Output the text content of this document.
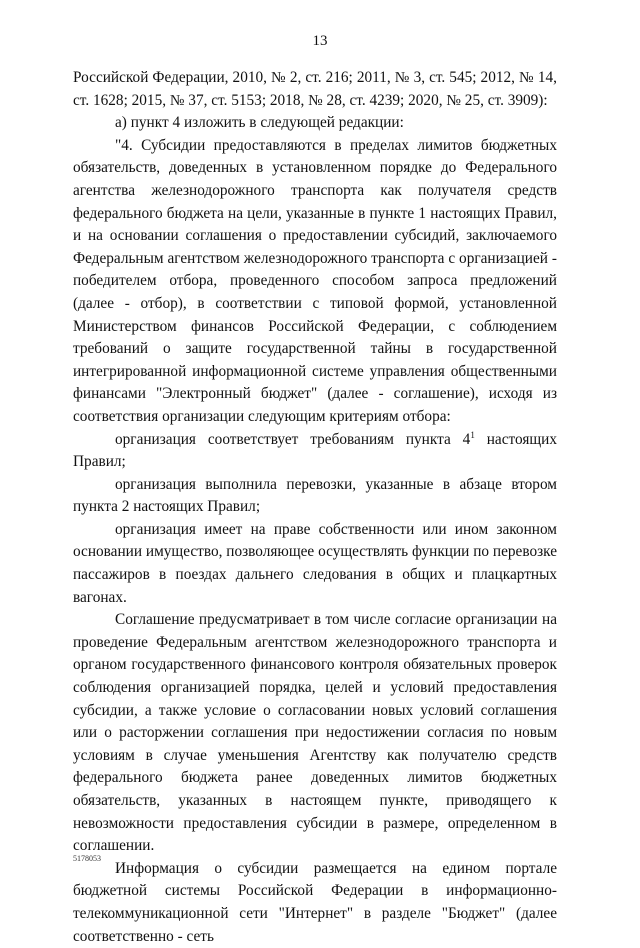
13

Российской Федерации, 2010, № 2, ст. 216; 2011, № 3, ст. 545; 2012, № 14, ст. 1628; 2015, № 37, ст. 5153; 2018, № 28, ст. 4239; 2020, № 25, ст. 3909):

а) пункт 4 изложить в следующей редакции:

"4. Субсидии предоставляются в пределах лимитов бюджетных обязательств, доведенных в установленном порядке до Федерального агентства железнодорожного транспорта как получателя средств федерального бюджета на цели, указанные в пункте 1 настоящих Правил, и на основании соглашения о предоставлении субсидий, заключаемого Федеральным агентством железнодорожного транспорта с организацией - победителем отбора, проведенного способом запроса предложений (далее - отбор), в соответствии с типовой формой, установленной Министерством финансов Российской Федерации, с соблюдением требований о защите государственной тайны в государственной интегрированной информационной системе управления общественными финансами "Электронный бюджет" (далее - соглашение), исходя из соответствия организации следующим критериям отбора:

организация соответствует требованиям пункта $4^1$ настоящих Правил;

организация выполнила перевозки, указанные в абзаце втором пункта 2 настоящих Правил;

организация имеет на праве собственности или ином законном основании имущество, позволяющее осуществлять функции по перевозке пассажиров в поездах дальнего следования в общих и плацкартных вагонах.

Соглашение предусматривает в том числе согласие организации на проведение Федеральным агентством железнодорожного транспорта и органом государственного финансового контроля обязательных проверок соблюдения организацией порядка, целей и условий предоставления субсидии, а также условие о согласовании новых условий соглашения или о расторжении соглашения при недостижении согласия по новым условиям в случае уменьшения Агентству как получателю средств федерального бюджета ранее доведенных лимитов бюджетных обязательств, указанных в настоящем пункте, приводящего к невозможности предоставления субсидии в размере, определенном в соглашении.

Информация о субсидии размещается на едином портале бюджетной системы Российской Федерации в информационно-телекоммуникационной сети "Интернет" в разделе "Бюджет" (далее соответственно - сеть

5178053
